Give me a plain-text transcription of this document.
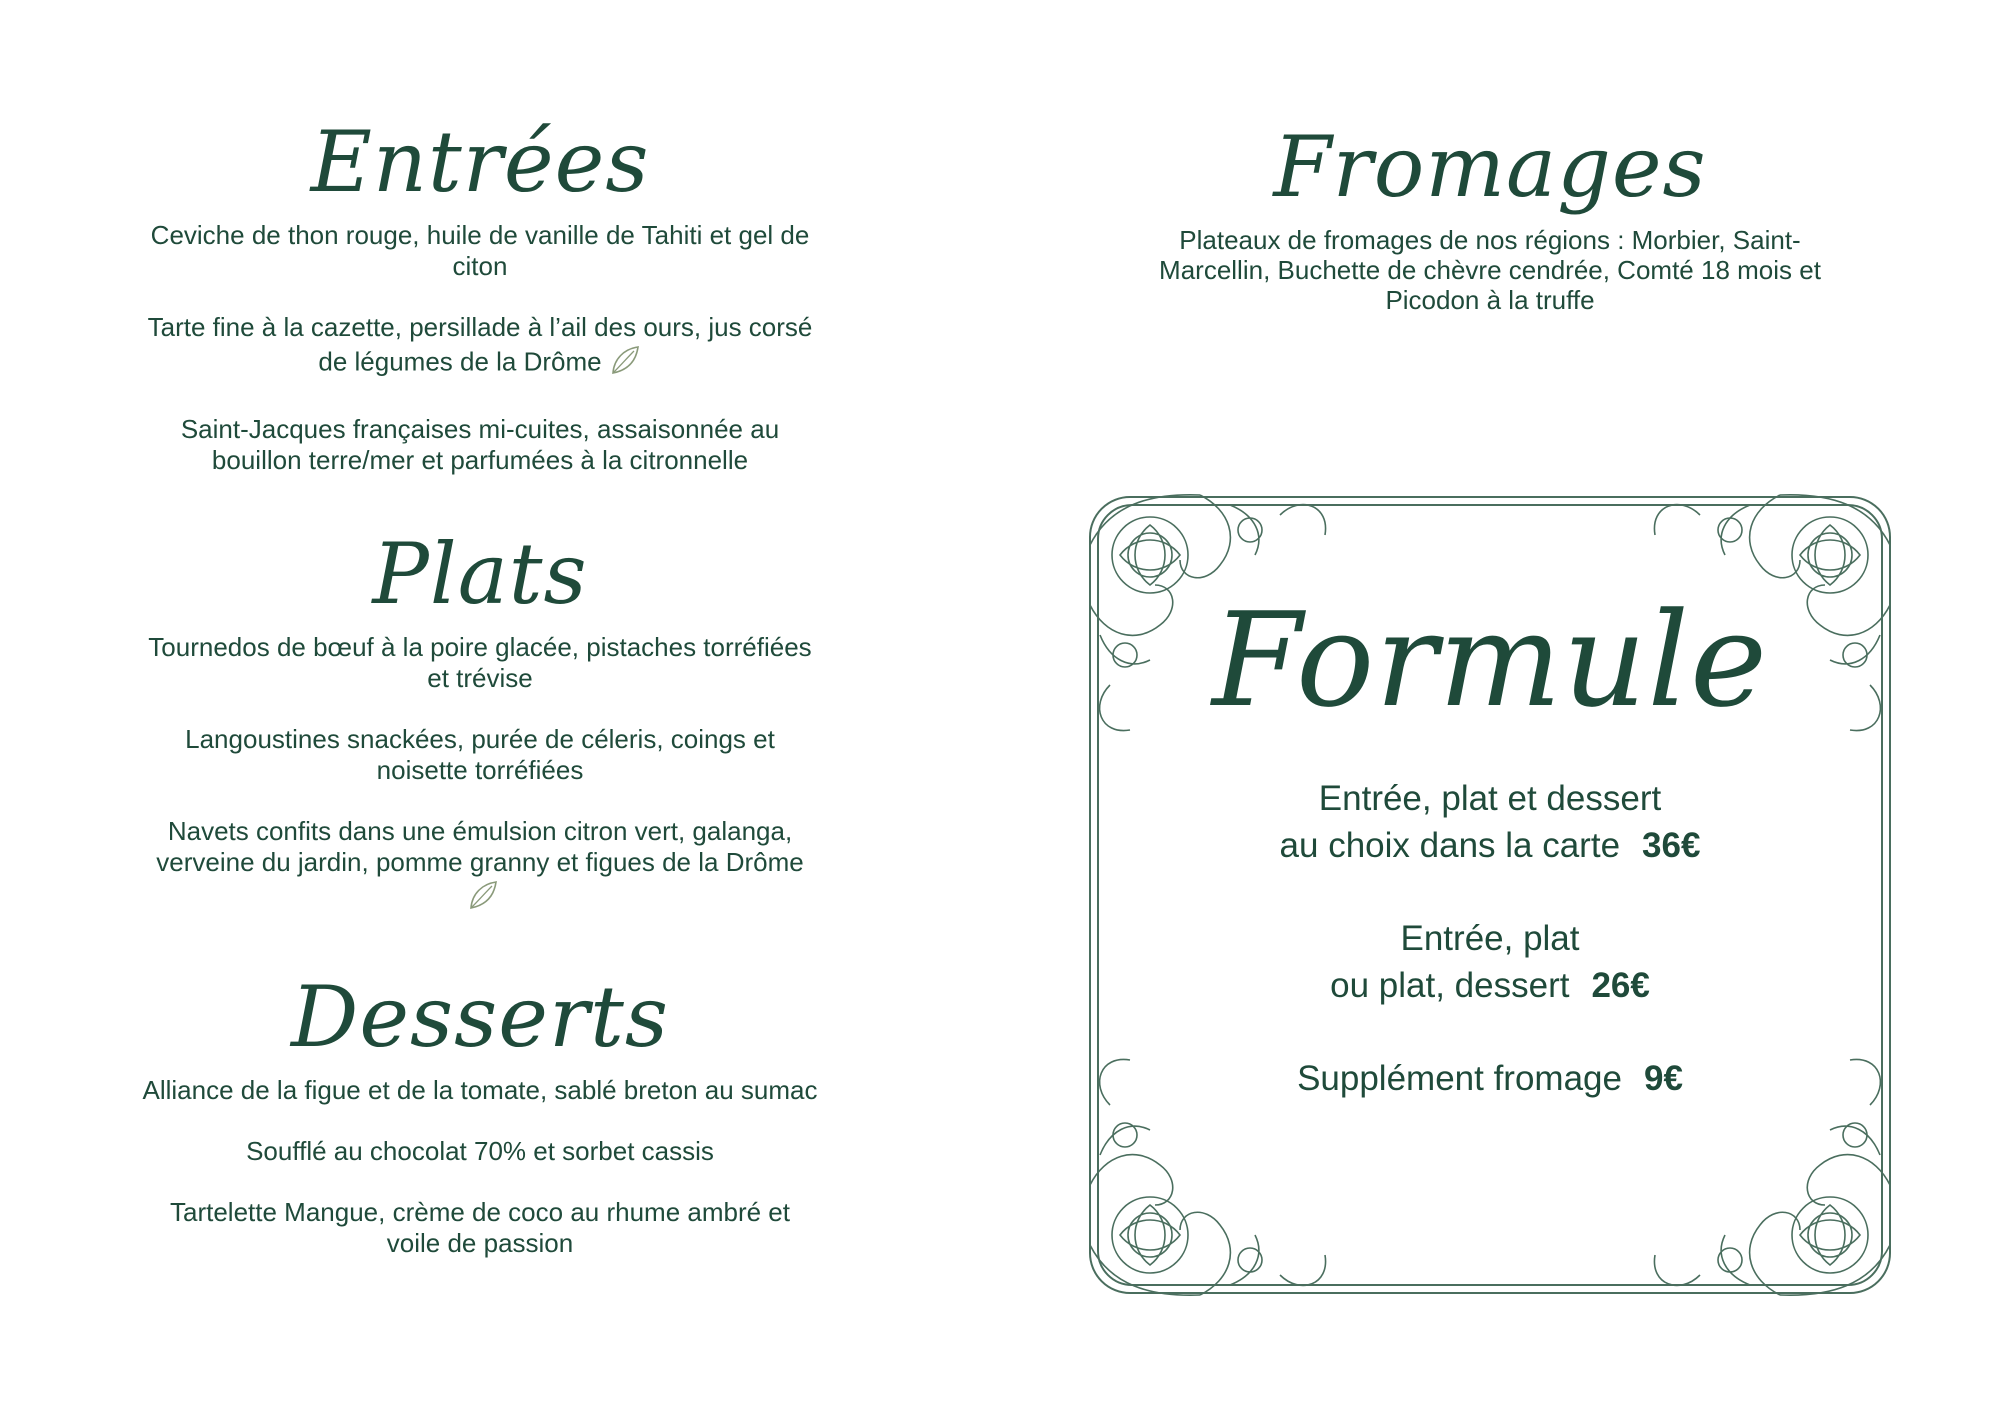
Entrées

Ceviche de thon rouge, huile de vanille de Tahiti et gel de citon

Tarte fine à la cazette, persillade à l’ail des ours, jus corsé de légumes de la Drôme

Saint-Jacques françaises mi-cuites, assaisonnée au bouillon terre/mer et parfumées à la citronnelle

Plats

Tournedos de bœuf à la poire glacée, pistaches torréfiées et trévise

Langoustines snackées, purée de céleris, coings et noisette torréfiées

Navets confits dans une émulsion citron vert, galanga, verveine du jardin, pomme granny et figues de la Drôme

Desserts

Alliance de la figue et de la tomate, sablé breton au sumac

Soufflé au chocolat 70% et sorbet cassis

Tartelette Mangue, crème de coco au rhume ambré et voile de passion

Fromages

Plateaux de fromages de nos régions : Morbier, Saint-Marcellin, Buchette de chèvre cendrée, Comté 18 mois et Picodon à la truffe

Formule
Entrée, plat et dessert
au choix dans la carte 36€
Entrée, plat
ou plat, dessert 26€
Supplément fromage 9€
